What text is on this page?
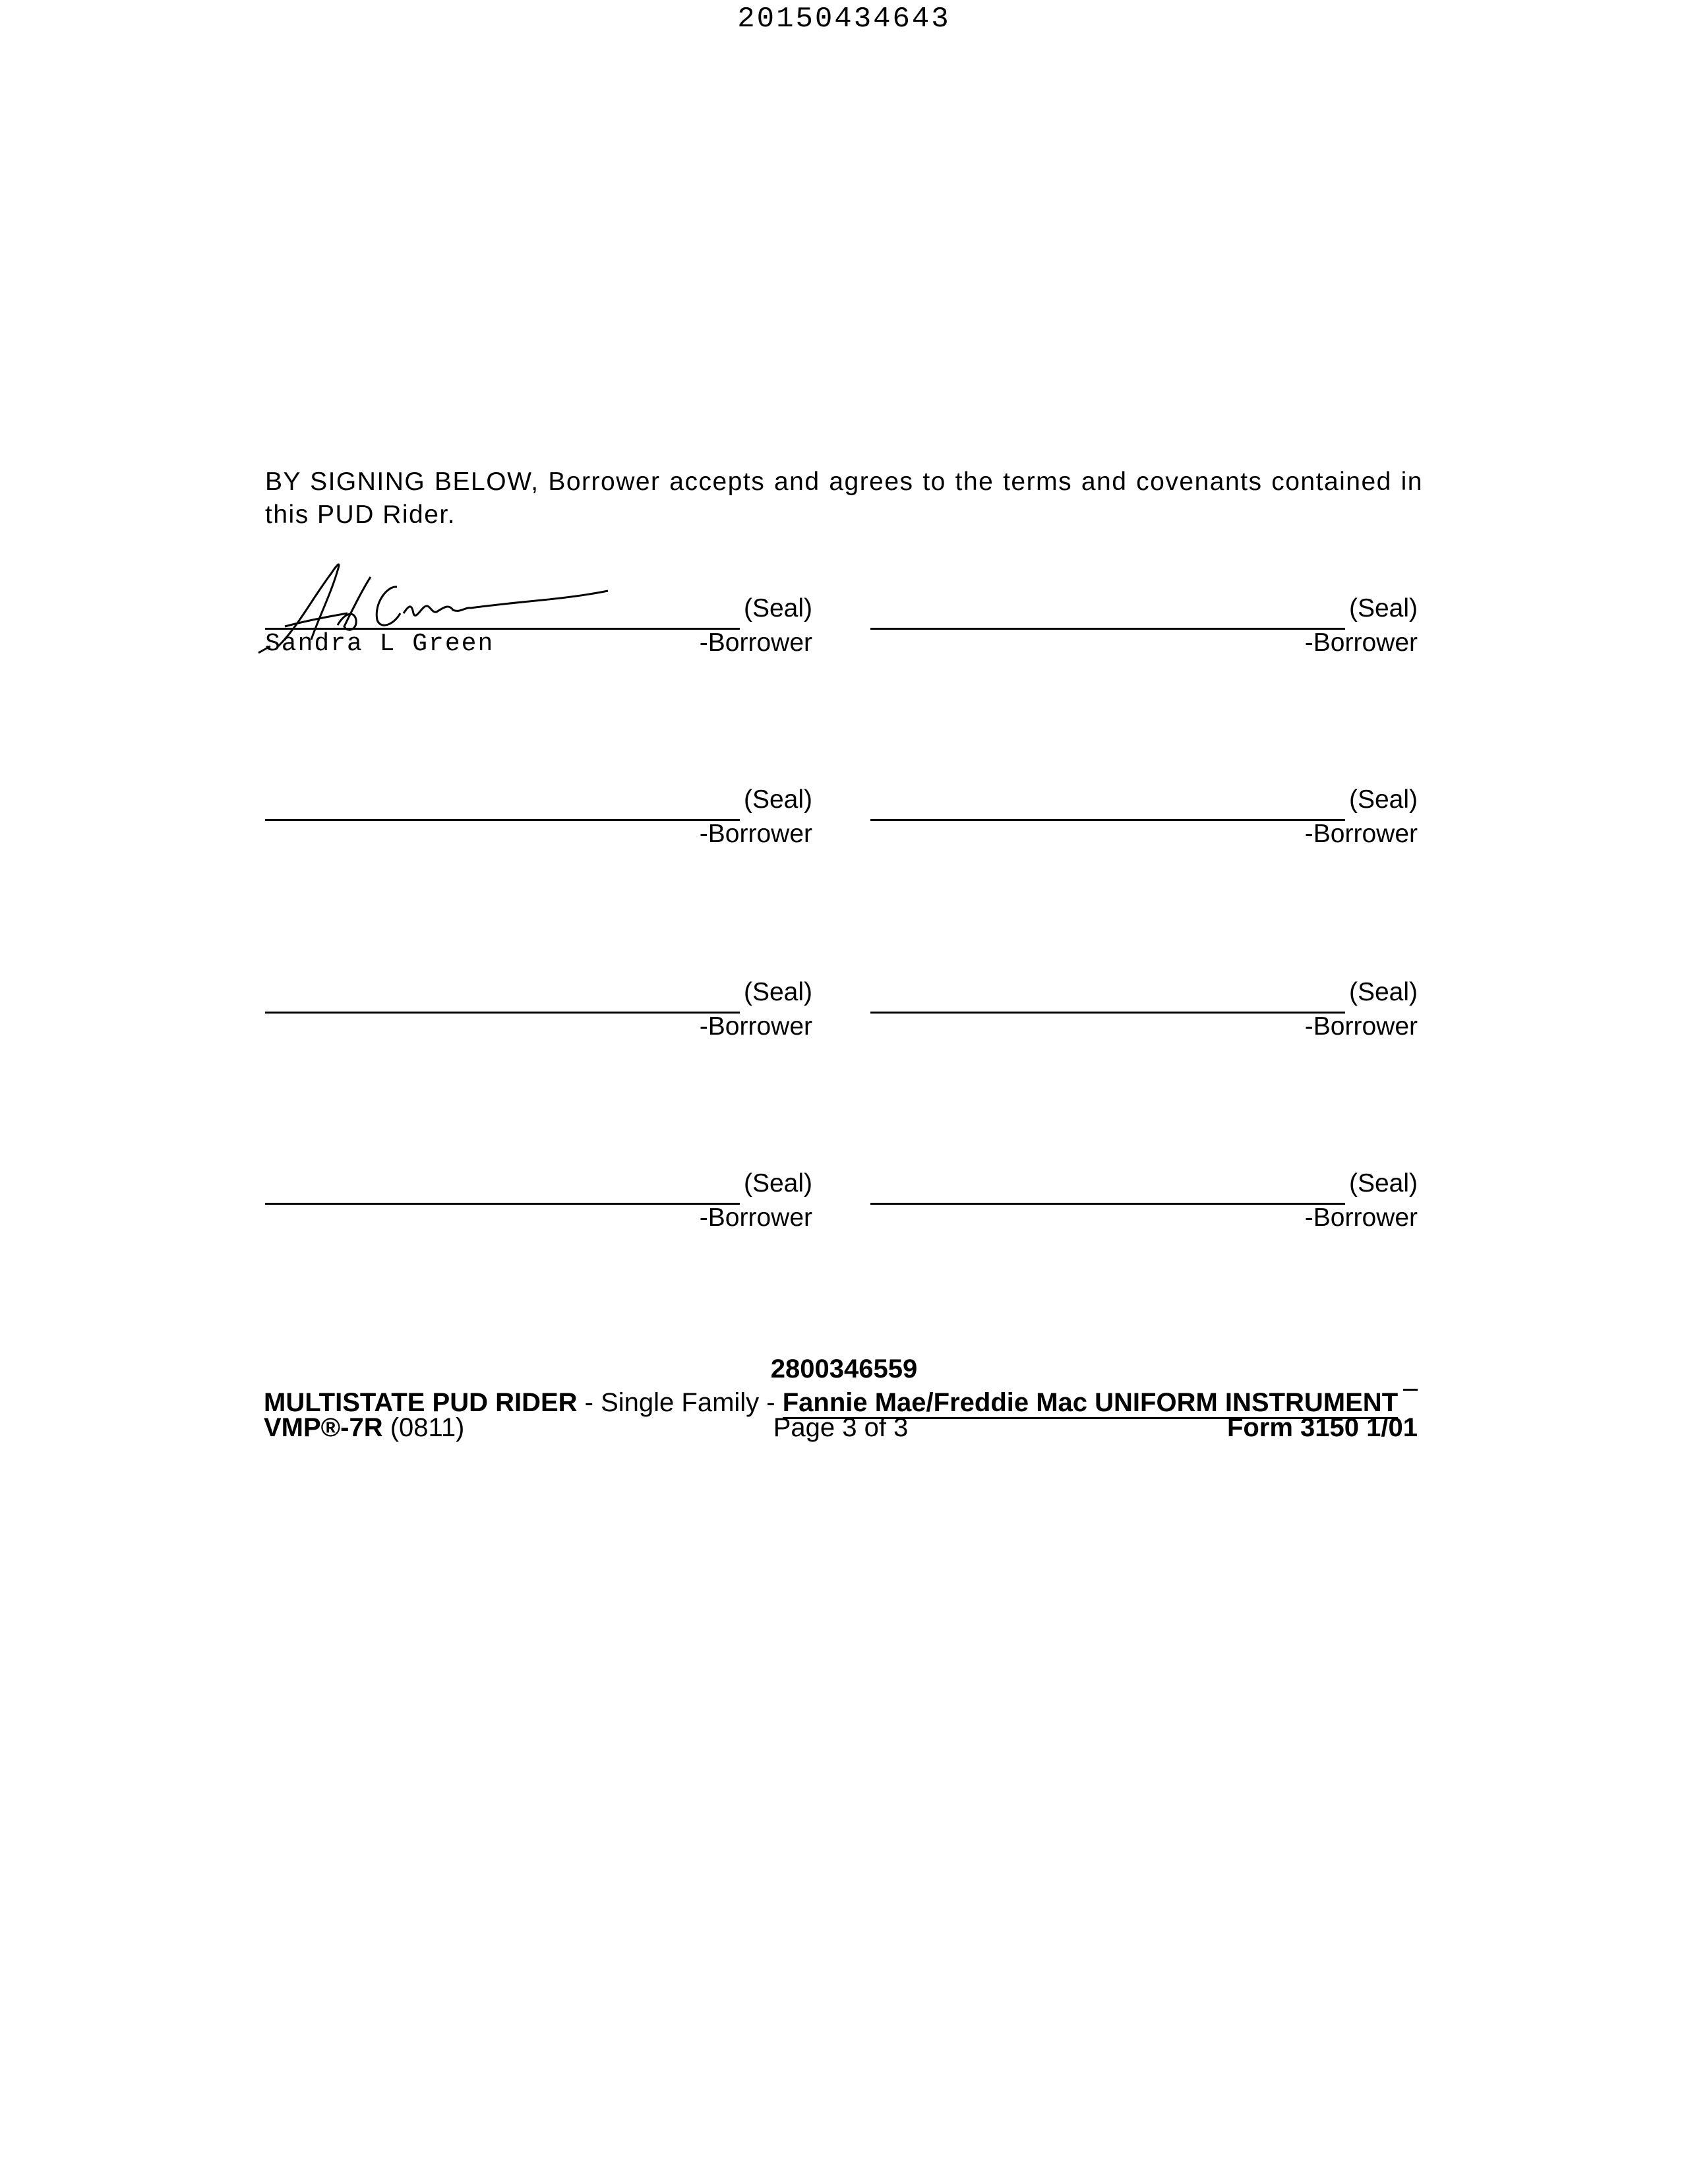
20150434643
BY SIGNING BELOW, Borrower accepts and agrees to the terms and covenants contained in this PUD Rider.
(Seal)
Sandra L Green	-Borrower
(Seal)
-Borrower
(Seal)
-Borrower
(Seal)
-Borrower
(Seal)
-Borrower
(Seal)
-Borrower
(Seal)
-Borrower
(Seal)
-Borrower
2800346559
MULTISTATE PUD RIDER - Single Family - Fannie Mae/Freddie Mac UNIFORM INSTRUMENT
VMP®-7R (0811)	Page 3 of 3	Form 3150 1/01
